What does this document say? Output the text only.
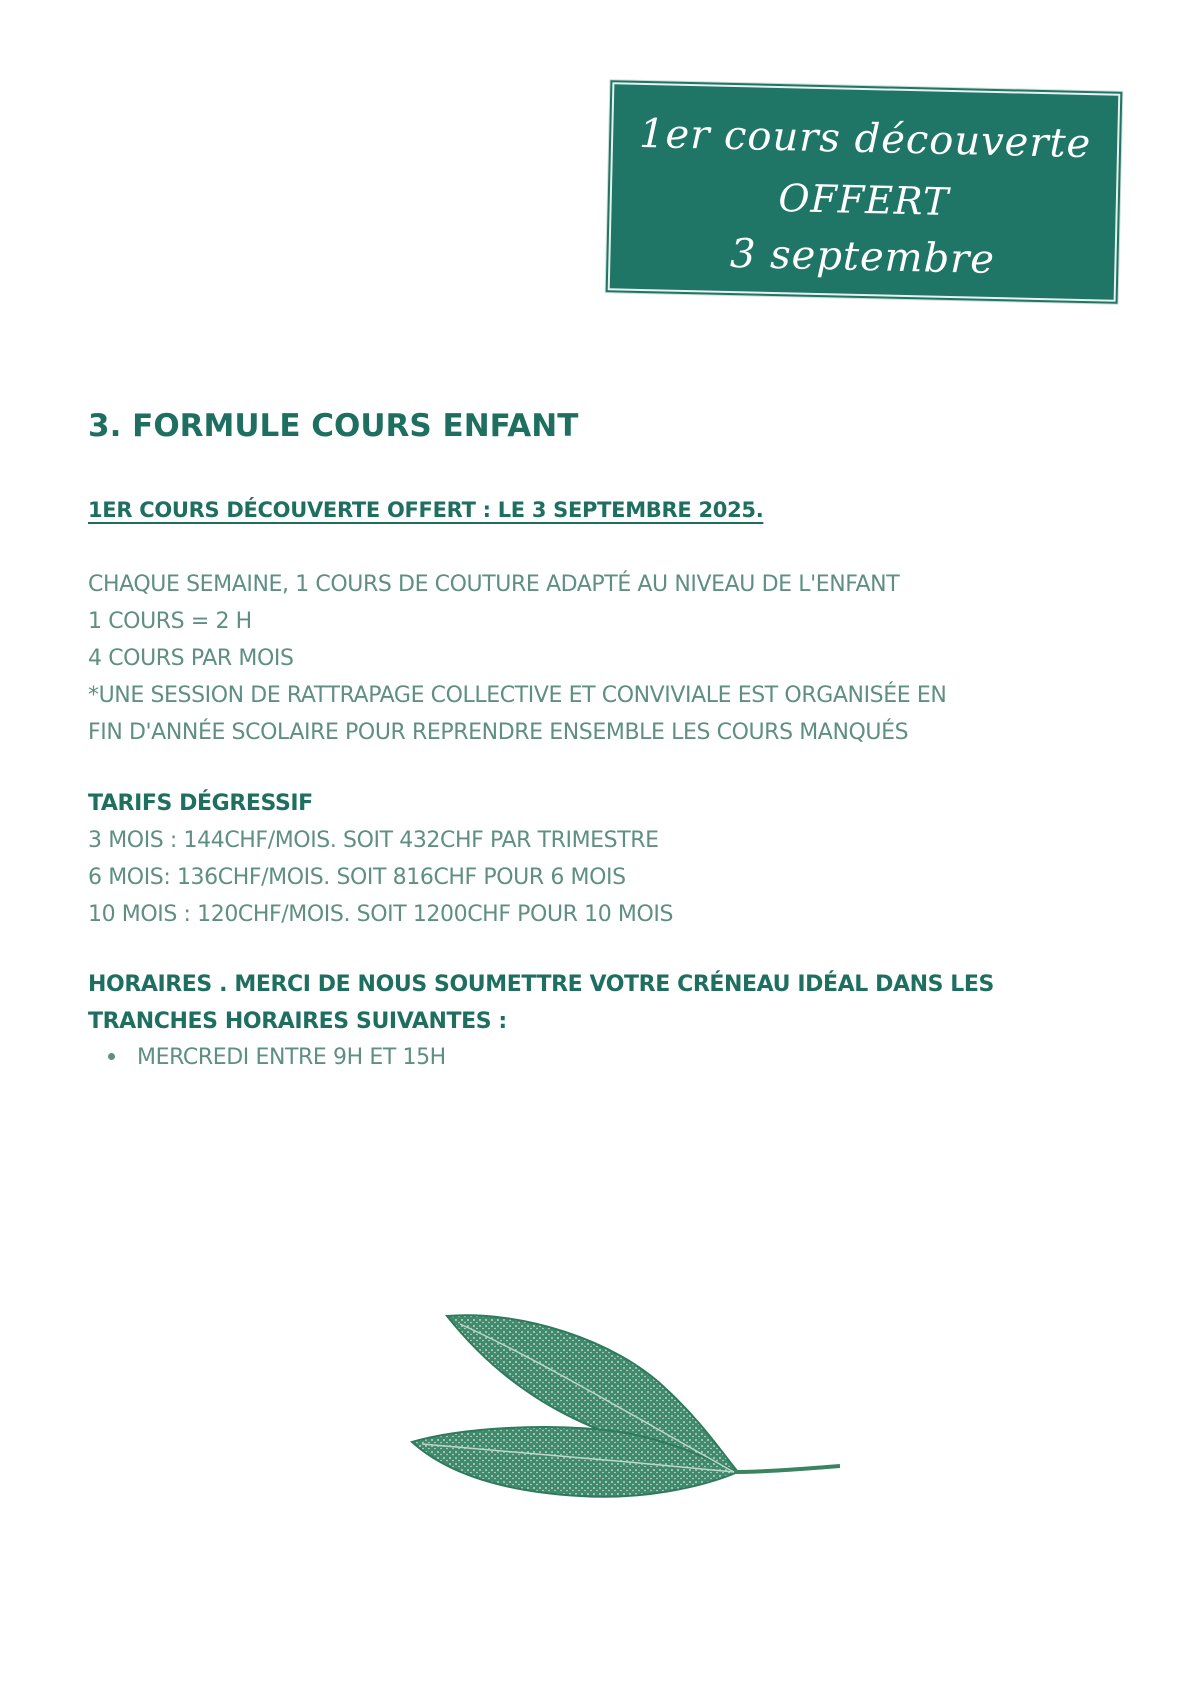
1er cours découverte
OFFERT
3 septembre
3. FORMULE COURS ENFANT
1ER COURS DÉCOUVERTE OFFERT : LE 3 SEPTEMBRE 2025.
CHAQUE SEMAINE, 1 COURS DE COUTURE ADAPTÉ AU NIVEAU DE L'ENFANT
1 COURS = 2 H
4 COURS PAR MOIS
*UNE SESSION DE RATTRAPAGE COLLECTIVE ET CONVIVIALE EST ORGANISÉE EN
FIN D'ANNÉE SCOLAIRE POUR REPRENDRE ENSEMBLE LES COURS MANQUÉS
TARIFS DÉGRESSIF
3 MOIS : 144CHF/MOIS. SOIT 432CHF PAR TRIMESTRE
6 MOIS: 136CHF/MOIS. SOIT 816CHF POUR 6 MOIS
10 MOIS : 120CHF/MOIS. SOIT 1200CHF POUR 10 MOIS
HORAIRES . MERCI DE NOUS SOUMETTRE VOTRE CRÉNEAU IDÉAL DANS LES
TRANCHES HORAIRES SUIVANTES :
MERCREDI ENTRE 9H ET 15H
